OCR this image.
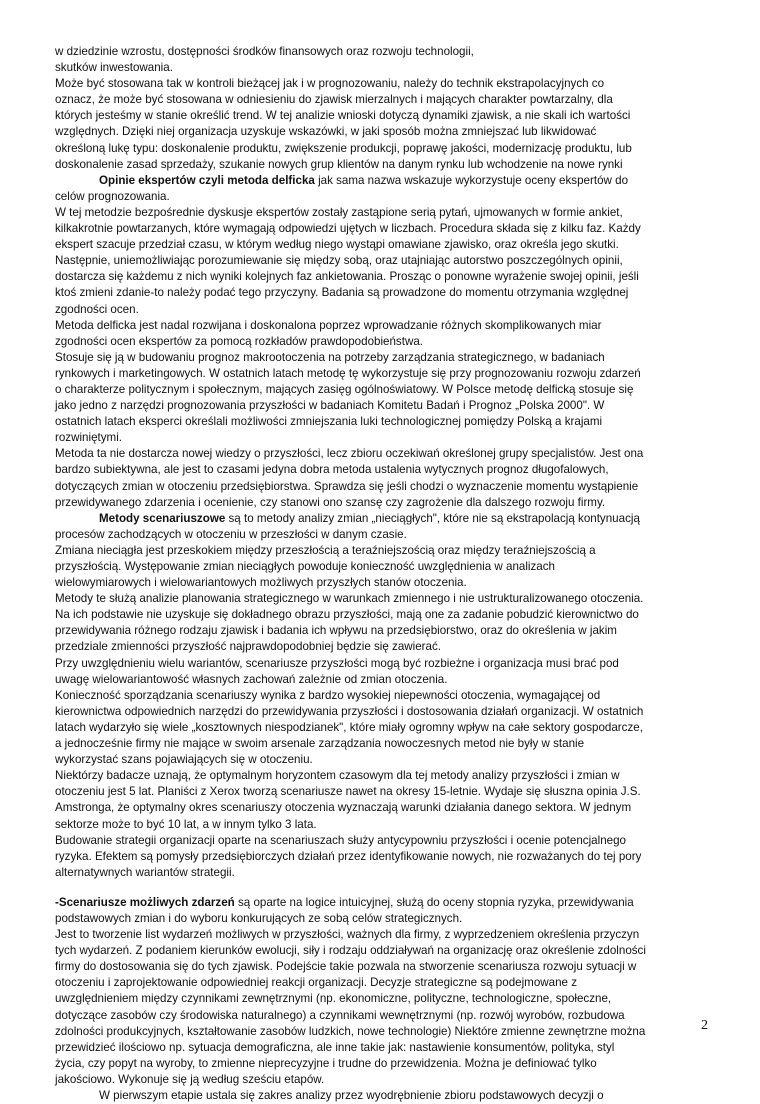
w dziedzinie wzrostu, dostępności środków finansowych oraz rozwoju technologii,
skutków inwestowania.

Może być stosowana tak w kontroli bieżącej jak i w prognozowaniu, należy do technik ekstrapolacyjnych co
oznacz, że może być stosowana w odniesieniu do zjawisk mierzalnych i mających charakter powtarzalny, dla
których jesteśmy w stanie określić trend. W tej analizie wnioski dotyczą dynamiki zjawisk, a nie skali ich wartości
względnych. Dzięki niej organizacja uzyskuje wskazówki, w jaki sposób można zmniejszać lub likwidować
określoną lukę typu: doskonalenie produktu, zwiększenie produkcji, poprawę jakości, modernizację produktu, lub
doskonalenie zasad sprzedaży, szukanie nowych grup klientów na danym rynku lub wchodzenie na nowe rynki

Opinie ekspertów czyli metoda delficka jak sama nazwa wskazuje wykorzystuje oceny ekspertów do

celów prognozowania.

W tej metodzie bezpośrednie dyskusje ekspertów zostały zastąpione serią pytań, ujmowanych w formie ankiet,
kilkakrotnie powtarzanych, które wymagają odpowiedzi ujętych w liczbach. Procedura składa się z kilku faz. Każdy
ekspert szacuje przedział czasu, w którym według niego wystąpi omawiane zjawisko, oraz określa jego skutki.
Następnie, uniemożliwiając porozumiewanie się między sobą, oraz utajniając autorstwo poszczególnych opinii,
dostarcza się każdemu z nich wyniki kolejnych faz ankietowania. Prosząc o ponowne wyrażenie swojej opinii, jeśli
ktoś zmieni zdanie-to należy podać tego przyczyny. Badania są prowadzone do momentu otrzymania względnej
zgodności ocen.

Metoda delficka jest nadal rozwijana i doskonalona poprzez wprowadzanie różnych skomplikowanych miar
zgodności ocen ekspertów za pomocą rozkładów prawdopodobieństwa.

Stosuje się ją w budowaniu prognoz makrootoczenia na potrzeby zarządzania strategicznego, w badaniach
rynkowych i marketingowych. W ostatnich latach metodę tę wykorzystuje się przy prognozowaniu rozwoju zdarzeń
o charakterze politycznym i społecznym, mających zasięg ogólnoświatowy. W Polsce metodę delficką stosuje się
jako jedno z narzędzi prognozowania przyszłości w badaniach Komitetu Badań i Prognoz „Polska 2000". W
ostatnich latach eksperci określali możliwości zmniejszania luki technologicznej pomiędzy Polską a krajami
rozwiniętymi.

Metoda ta nie dostarcza nowej wiedzy o przyszłości, lecz zbioru oczekiwań określonej grupy specjalistów. Jest ona
bardzo subiektywna, ale jest to czasami jedyna dobra metoda ustalenia wytycznych prognoz długofalowych,
dotyczących zmian w otoczeniu przedsiębiorstwa. Sprawdza się jeśli chodzi o wyznaczenie momentu wystąpienie
przewidywanego zdarzenia i ocenienie, czy stanowi ono szansę czy zagrożenie dla dalszego rozwoju firmy.

Metody scenariuszowe są to metody analizy zmian „nieciągłych", które nie są ekstrapolacją kontynuacją

procesów zachodzących w otoczeniu w przeszłości w danym czasie.

Zmiana nieciągła jest przeskokiem między przeszłością a teraźniejszością oraz między teraźniejszością a
przyszłością. Występowanie zmian nieciągłych powoduje konieczność uwzględnienia w analizach
wielowymiarowych i wielowariantowych możliwych przyszłych stanów otoczenia.

Metody te służą analizie planowania strategicznego w warunkach zmiennego i nie ustrukturalizowanego otoczenia.
Na ich podstawie nie uzyskuje się dokładnego obrazu przyszłości, mają one za zadanie pobudzić kierownictwo do
przewidywania różnego rodzaju zjawisk i badania ich wpływu na przedsiębiorstwo, oraz do określenia w jakim
przedziale zmienności przyszłość najprawdopodobniej będzie się zawierać.

Przy uwzględnieniu wielu wariantów, scenariusze przyszłości mogą być rozbieżne i organizacja musi brać pod
uwagę wielowariantowość własnych zachowań zależnie od zmian otoczenia.

Konieczność sporządzania scenariuszy wynika z bardzo wysokiej niepewności otoczenia, wymagającej od
kierownictwa odpowiednich narzędzi do przewidywania przyszłości i dostosowania działań organizacji. W ostatnich
latach wydarzyło się wiele „kosztownych niespodzianek", które miały ogromny wpływ na całe sektory gospodarcze,
a jednocześnie firmy nie mające w swoim arsenale zarządzania nowoczesnych metod nie były w stanie
wykorzystać szans pojawiających się w otoczeniu.

Niektórzy badacze uznają, że optymalnym horyzontem czasowym dla tej metody analizy przyszłości i zmian w
otoczeniu jest 5 lat. Planiści z Xerox tworzą scenariusze nawet na okresy 15-letnie. Wydaje się słuszna opinia J.S.
Amstronga, że optymalny okres scenariuszy otoczenia wyznaczają warunki działania danego sektora. W jednym
sektorze może to być 10 lat, a w innym tylko 3 lata.

Budowanie strategii organizacji oparte na scenariuszach służy antycypowniu przyszłości i ocenie potencjalnego
ryzyka. Efektem są pomysły przedsiębiorczych działań przez identyfikowanie nowych, nie rozważanych do tej pory
alternatywnych wariantów strategii.

-Scenariusze możliwych zdarzeń są oparte na logice intuicyjnej, służą do oceny stopnia ryzyka, przewidywania

podstawowych zmian i do wyboru konkurujących ze sobą celów strategicznych.

Jest to tworzenie list wydarzeń możliwych w przyszłości, ważnych dla firmy, z wyprzedzeniem określenia przyczyn
tych wydarzeń. Z podaniem kierunków ewolucji, siły i rodzaju oddziaływań na organizację oraz określenie zdolności
firmy do dostosowania się do tych zjawisk. Podejście takie pozwala na stworzenie scenariusza rozwoju sytuacji w
otoczeniu i zaprojektowanie odpowiedniej reakcji organizacji. Decyzje strategiczne są podejmowane z
uwzględnieniem między czynnikami zewnętrznymi (np. ekonomiczne, polityczne, technologiczne, społeczne,
dotyczące zasobów czy środowiska naturalnego) a czynnikami wewnętrznymi (np. rozwój wyrobów, rozbudowa
zdolności produkcyjnych, kształtowanie zasobów ludzkich, nowe technologie) Niektóre zmienne zewnętrzne można
przewidzieć ilościowo np. sytuacja demograficzna, ale inne takie jak: nastawienie konsumentów, polityka, styl
życia, czy popyt na wyroby, to zmienne nieprecyzyjne i trudne do przewidzenia. Można je definiować tylko
jakościowo. Wykonuje się ją według sześciu etapów.

W pierwszym etapie ustala się zakres analizy przez wyodrębnienie zbioru podstawowych decyzji o

2
